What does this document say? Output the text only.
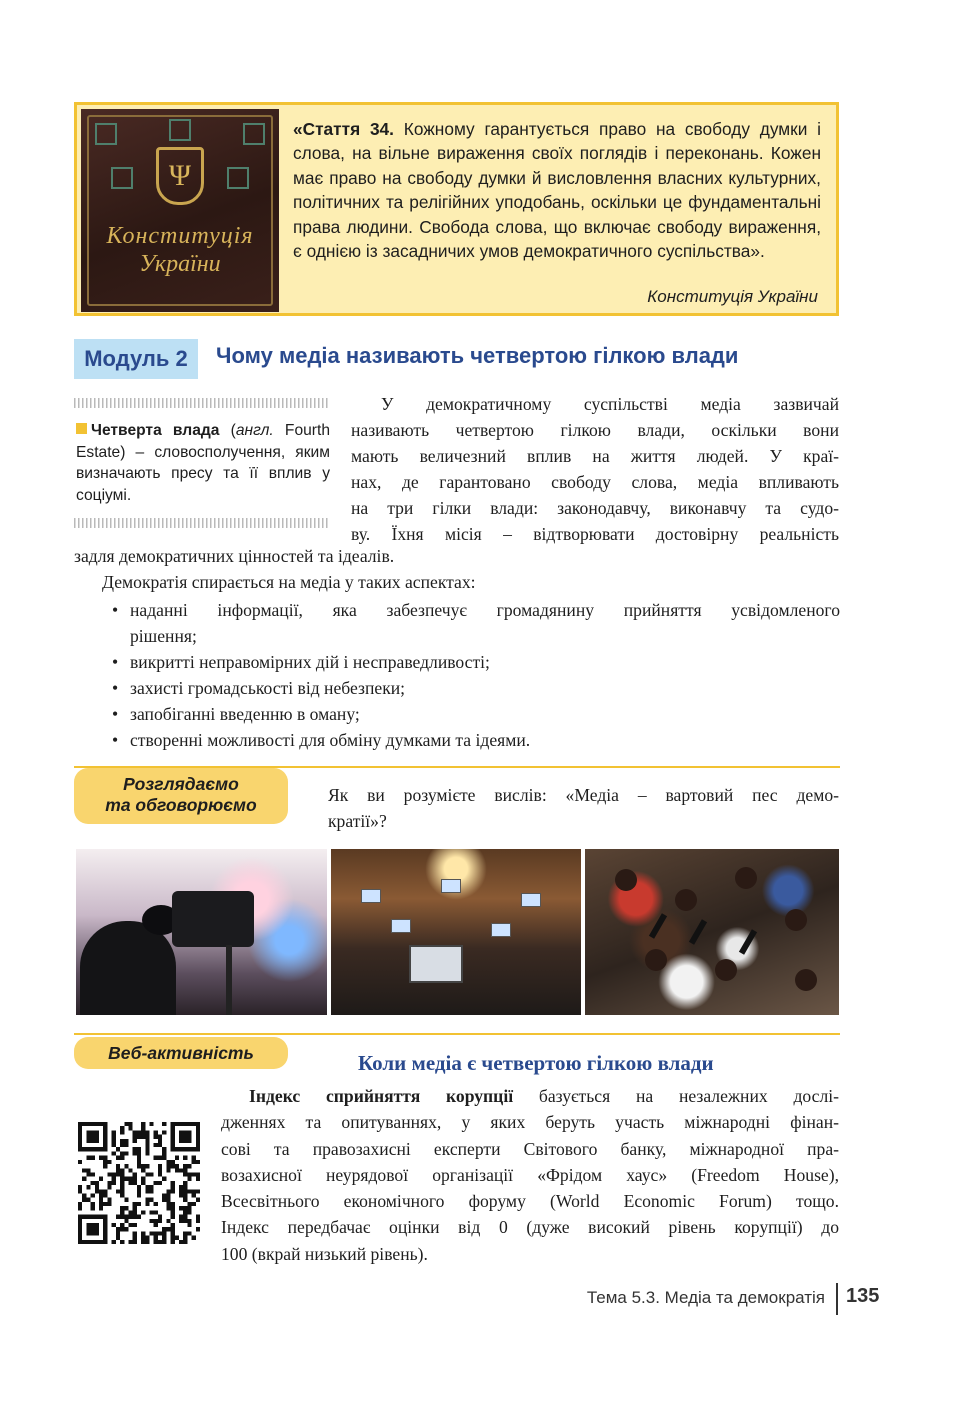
Ψ
Конституція
України
«Стаття 34. Кожному гарантується право на свободу думки і слова, на вільне вираження своїх поглядів і переконань. Кожен має право на свободу думки й висловлення власних культурних, політичних та релігійних уподобань, оскільки це фундаментальні права людини. Свобода слова, що включає свободу вираження, є однією із засадничих умов демократичного суспільства».
Конституція України
Модуль 2	Чому медіа називають четвертою гілкою влади
Четверта влада (англ. Fourth Estate) – словосполучення, яким визначають пресу та її вплив у соціумі.
У демократичному суспільстві медіа зазвичай
називають четвертою гілкою влади, оскільки вони
мають величезний вплив на життя людей. У краї-
нах, де гарантовано свободу слова, медіа впливають
на три гілки влади: законодавчу, виконавчу та судо-
ву. Їхня місія – відтворювати достовірну реальність
задля демократичних цінностей та ідеалів.
Демократія спирається на медіа у таких аспектах:
• наданні інформації, яка забезпечує громадянину прийняття усвідомленого
рішення;
• викритті неправомірних дій і несправедливості;
• захисті громадськості від небезпеки;
• запобіганні введенню в оману;
• створенні можливості для обміну думками та ідеями.
Розглядаємо
та обговорюємо	Як ви розумієте вислів: «Медіа – вартовий пес демо-
кратії»?
Веб-активність	Коли медіа є четвертою гілкою влади
Індекс сприйняття корупції базується на незалежних дослі-
дженнях та опитуваннях, у яких беруть участь міжнародні фінан-
сові та правозахисні експерти Світового банку, міжнародної пра-
возахисної неурядової організації «Фрідом хаус» (Freedom House),
Всесвітнього економічного форуму (World Economic Forum) тощо.
Індекс передбачає оцінки від 0 (дуже високий рівень корупції) до
100 (вкрай низький рівень).
Тема 5.3. Медіа та демократія 135
